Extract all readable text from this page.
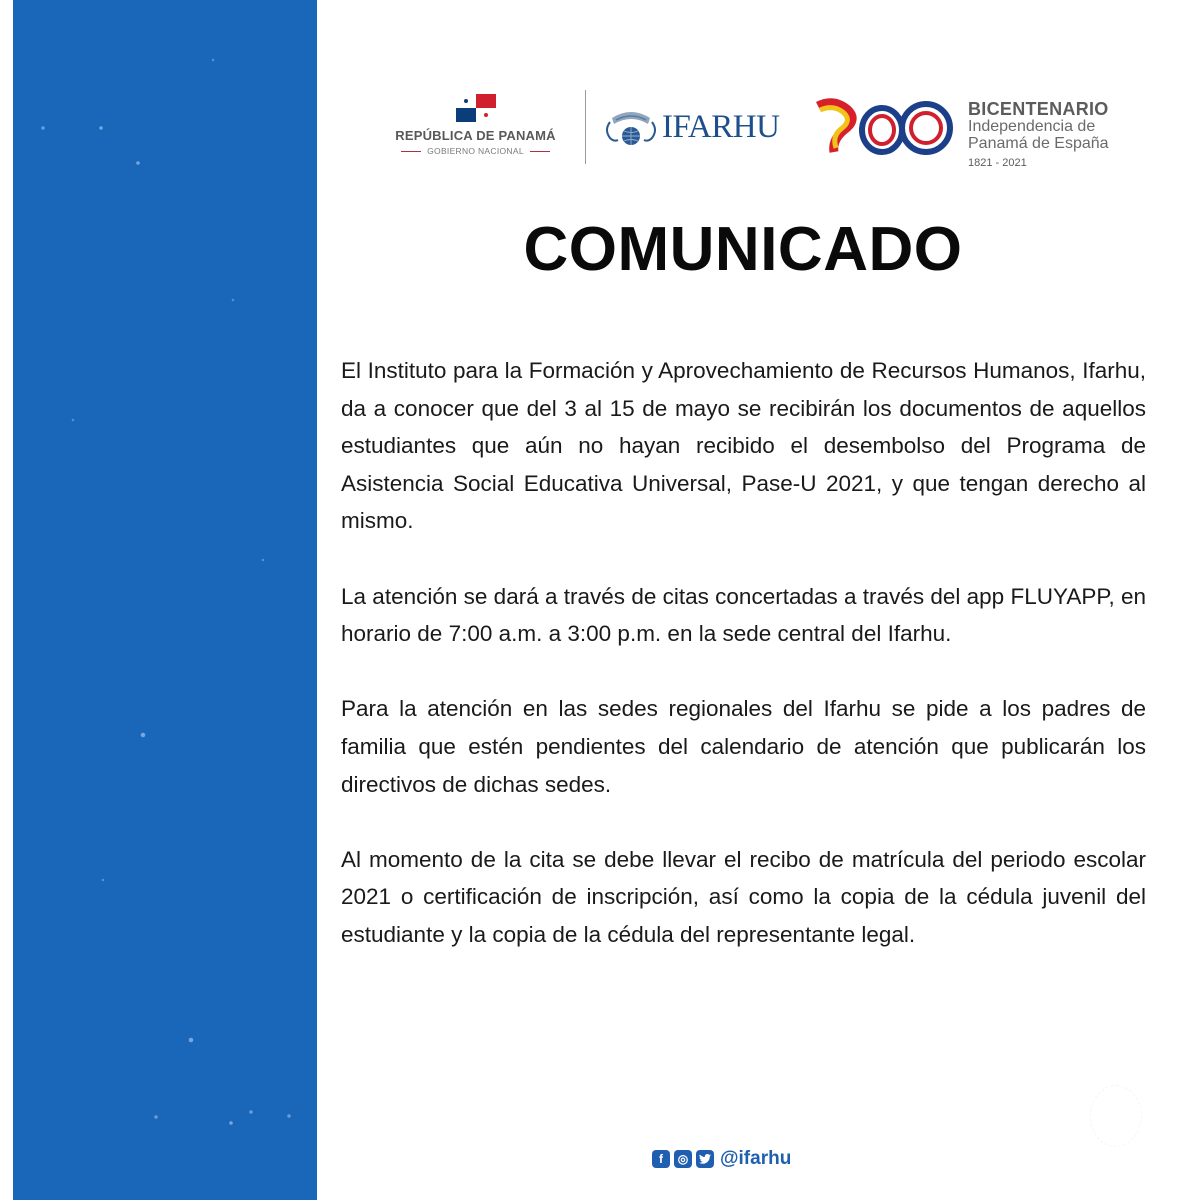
REPÚBLICA DE PANAMÁ
GOBIERNO NACIONAL
IFARHU	BICENTENARIO
Independencia de
Panamá de España
1821 - 2021
COMUNICADO

El Instituto para la Formación y Aprovechamiento de Recursos Humanos, Ifarhu, da a conocer que del 3 al 15 de mayo se recibirán los documentos de aquellos estudiantes que aún no hayan recibido el desembolso del Programa de Asistencia Social Educativa Universal, Pase-U 2021, y que tengan derecho al mismo.

La atención se dará a través de citas concertadas a través del app FLUYAPP, en horario de 7:00 a.m. a 3:00 p.m. en la sede central del Ifarhu.

Para la atención en las sedes regionales del Ifarhu se pide a los padres de familia que estén pendientes del calendario de atención que publicarán los directivos de dichas sedes.

Al momento de la cita se debe llevar el recibo de matrícula del periodo escolar 2021 o certificación de inscripción, así como la copia de la cédula juvenil del estudiante y la copia de la cédula del representante legal.

f	◎ @ifarhu
